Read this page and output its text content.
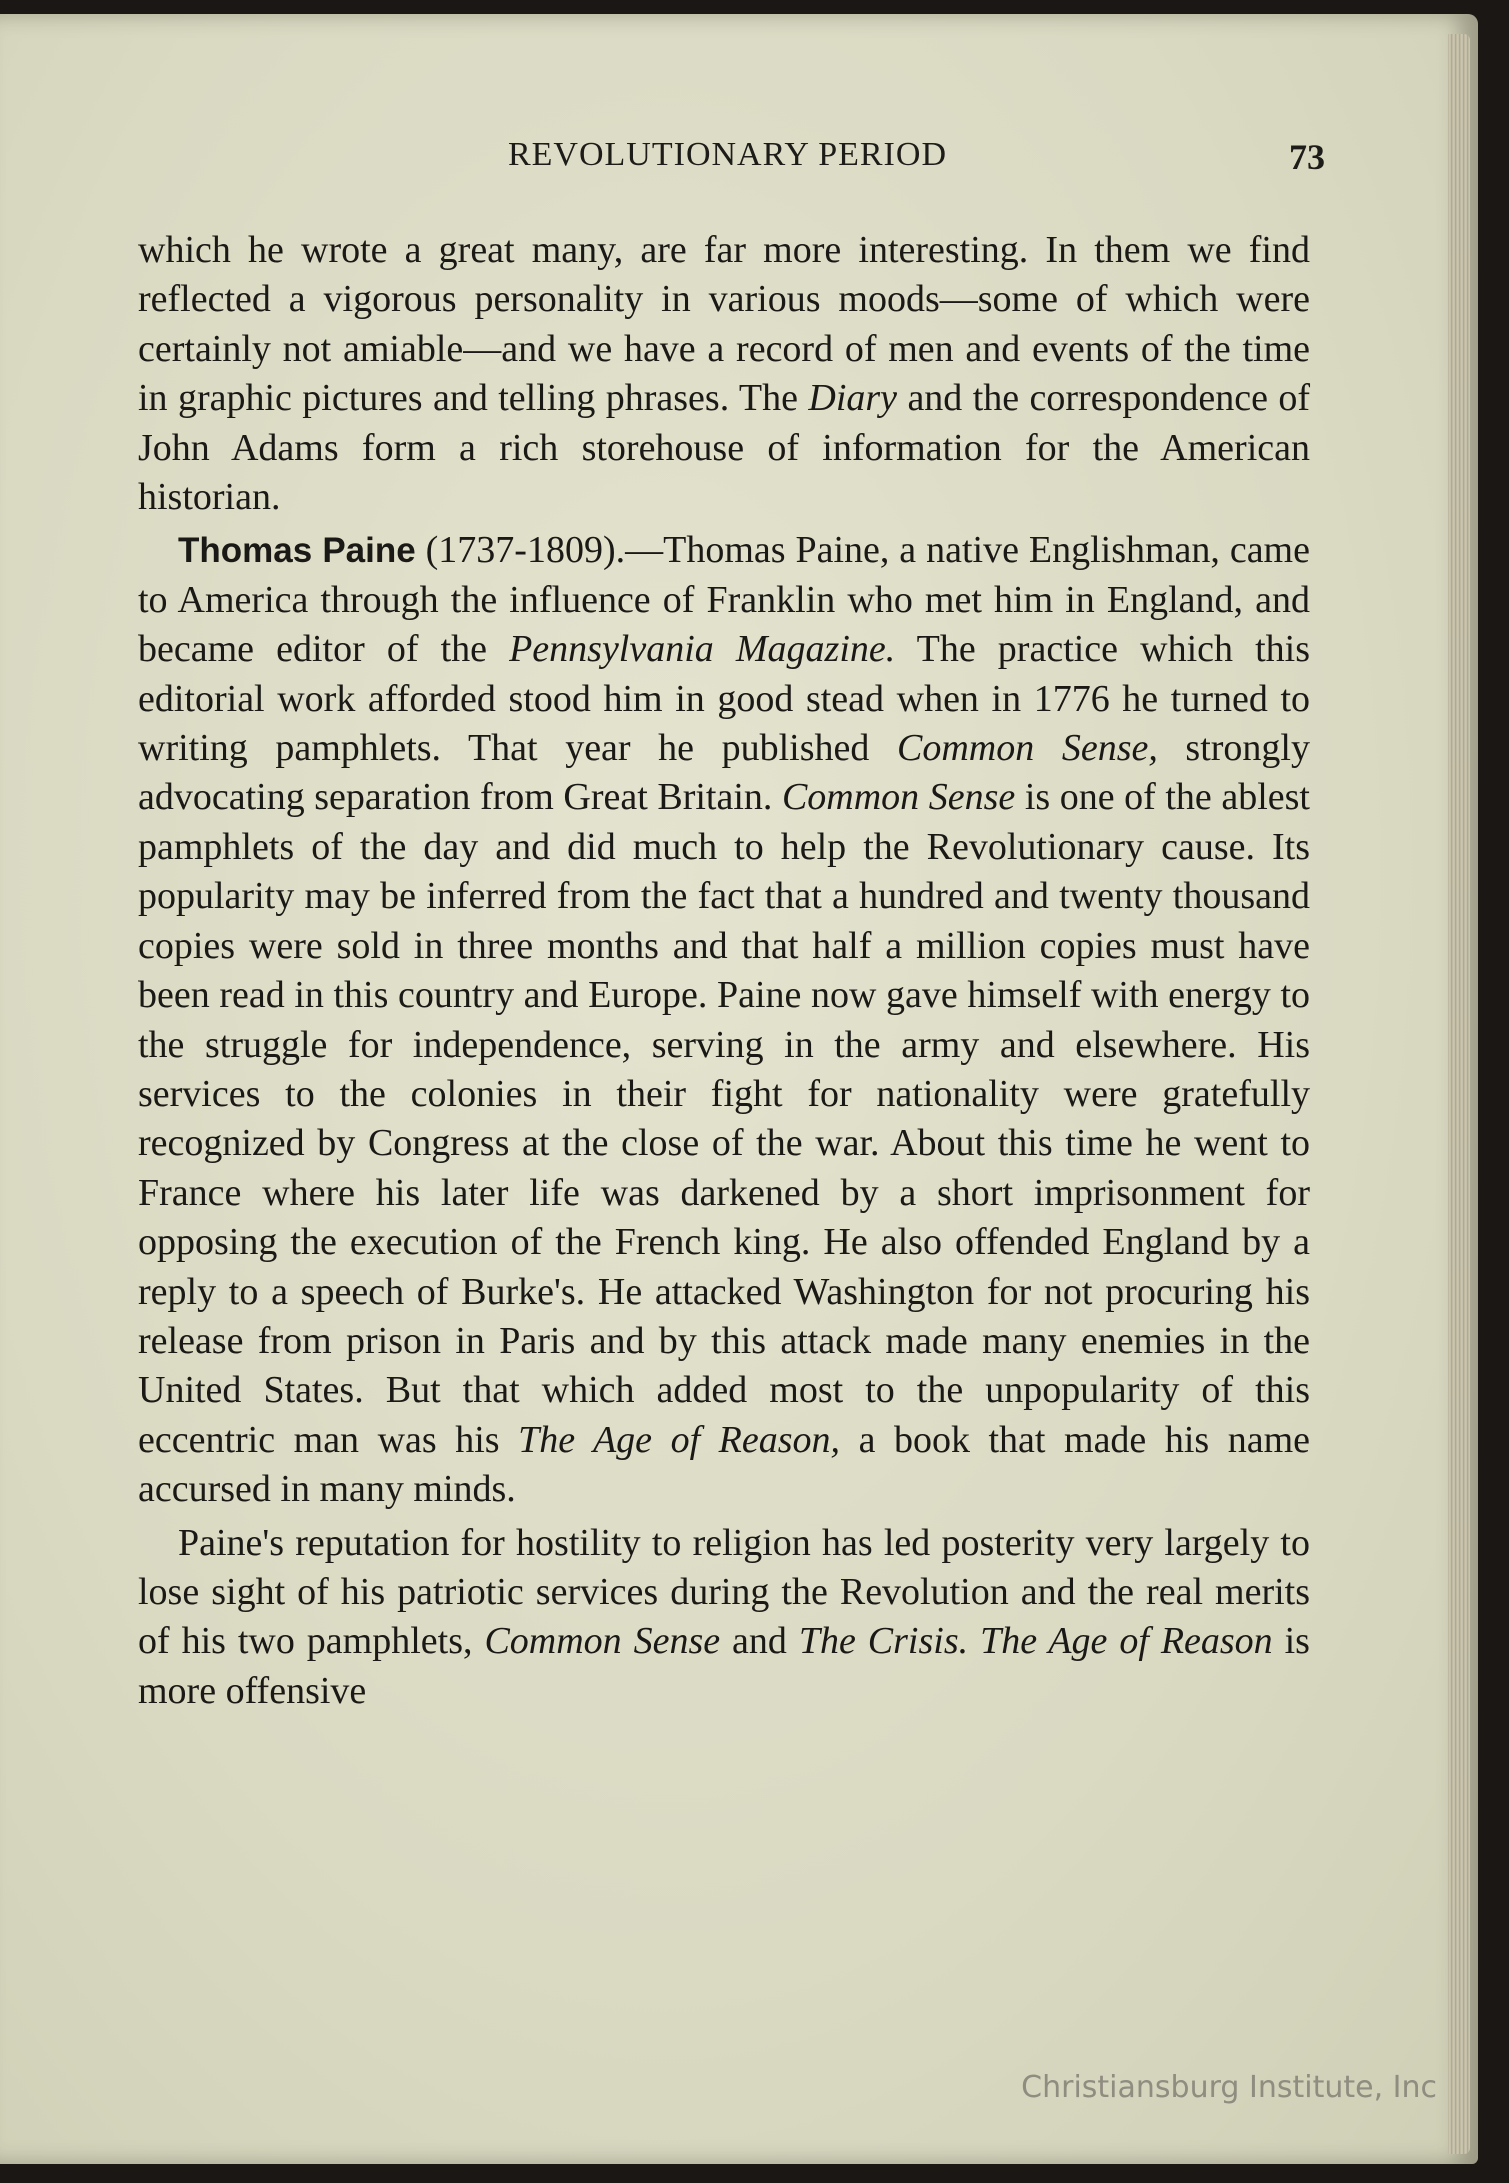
REVOLUTIONARY PERIOD	73

which he wrote a great many, are far more interesting. In them we find reflected a vigorous personality in various moods—some of which were certainly not amiable—and we have a record of men and events of the time in graphic pictures and telling phrases. The Diary and the correspondence of John Adams form a rich storehouse of information for the American historian.

Thomas Paine (1737-1809).—Thomas Paine, a native Englishman, came to America through the influence of Franklin who met him in England, and became editor of the Pennsylvania Magazine. The practice which this editorial work afforded stood him in good stead when in 1776 he turned to writing pamphlets. That year he published Common Sense, strongly advocating separation from Great Britain. Common Sense is one of the ablest pamphlets of the day and did much to help the Revolutionary cause. Its popularity may be inferred from the fact that a hundred and twenty thousand copies were sold in three months and that half a million copies must have been read in this country and Europe. Paine now gave himself with energy to the struggle for independence, serving in the army and elsewhere. His services to the colonies in their fight for nationality were gratefully recognized by Congress at the close of the war. About this time he went to France where his later life was darkened by a short imprisonment for opposing the execution of the French king. He also offended England by a reply to a speech of Burke's. He attacked Washington for not procuring his release from prison in Paris and by this attack made many enemies in the United States. But that which added most to the unpopularity of this eccentric man was his The Age of Reason, a book that made his name accursed in many minds.

Paine's reputation for hostility to religion has led posterity very largely to lose sight of his patriotic services during the Revolution and the real merits of his two pamphlets, Common Sense and The Crisis. The Age of Reason is more offensive

Christiansburg Institute, Inc
